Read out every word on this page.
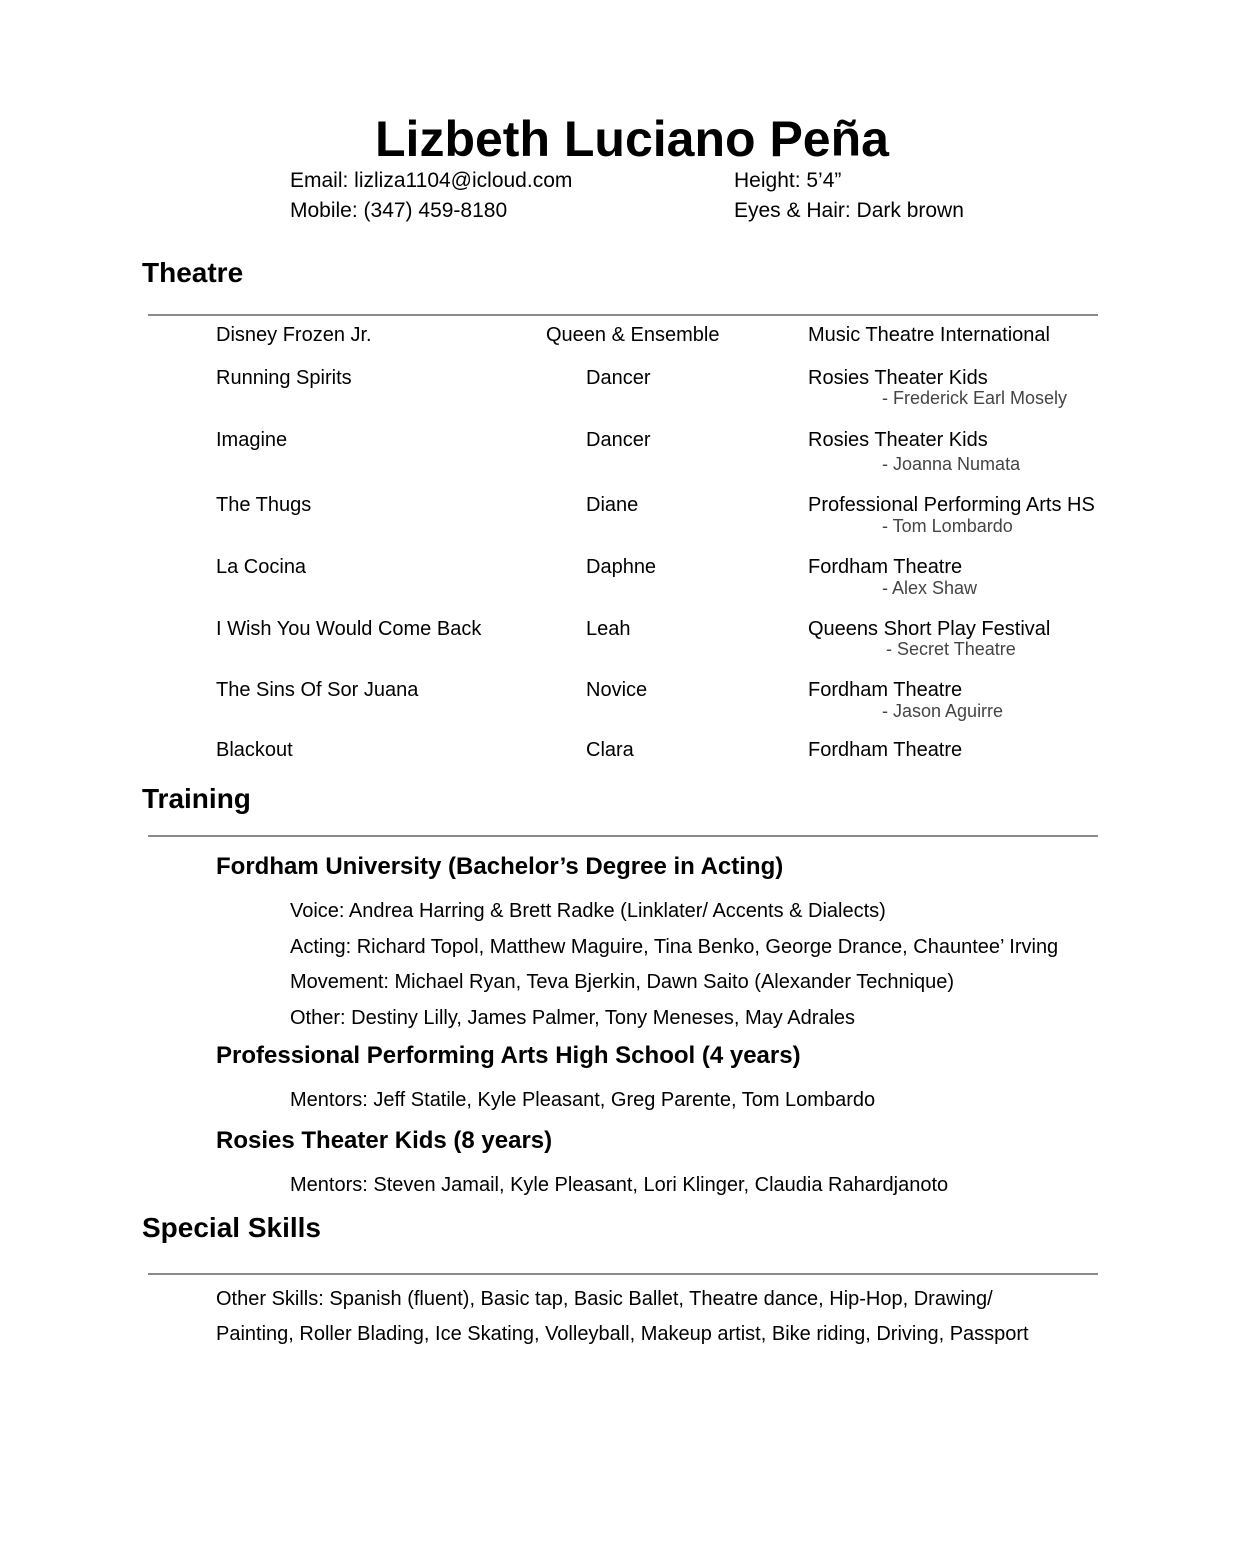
Lizbeth Luciano Peña
Email: lizliza1104@icloud.com
Mobile: (347) 459-8180
Height: 5’4”
Eyes & Hair: Dark brown
Theatre
Disney Frozen Jr.	Queen & Ensemble	Music Theatre International
Running Spirits	Dancer	Rosies Theater Kids
- Frederick Earl Mosely
Imagine	Dancer	Rosies Theater Kids
- Joanna Numata
The Thugs	Diane	Professional Performing Arts HS
- Tom Lombardo
La Cocina	Daphne	Fordham Theatre
- Alex Shaw
I Wish You Would Come Back	Leah	Queens Short Play Festival
- Secret Theatre
The Sins Of Sor Juana	Novice	Fordham Theatre
- Jason Aguirre
Blackout	Clara	Fordham Theatre
Training
Fordham University (Bachelor’s Degree in Acting)
Voice: Andrea Harring & Brett Radke (Linklater/ Accents & Dialects)
Acting: Richard Topol, Matthew Maguire, Tina Benko, George Drance, Chauntee’ Irving
Movement: Michael Ryan, Teva Bjerkin, Dawn Saito (Alexander Technique)
Other: Destiny Lilly, James Palmer, Tony Meneses, May Adrales
Professional Performing Arts High School (4 years)
Mentors: Jeff Statile, Kyle Pleasant, Greg Parente, Tom Lombardo
Rosies Theater Kids (8 years)
Mentors: Steven Jamail, Kyle Pleasant, Lori Klinger, Claudia Rahardjanoto
Special Skills
Other Skills: Spanish (fluent), Basic tap, Basic Ballet, Theatre dance, Hip-Hop, Drawing/
Painting, Roller Blading, Ice Skating, Volleyball, Makeup artist, Bike riding, Driving, Passport
